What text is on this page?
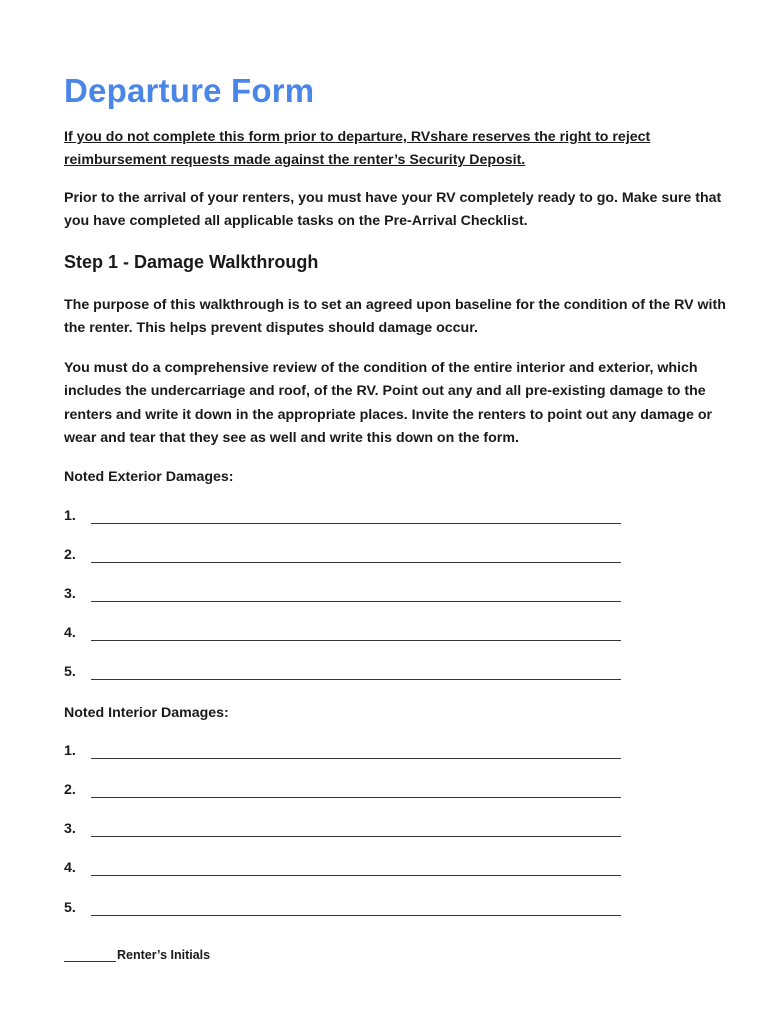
Departure Form

If you do not complete this form prior to departure, RVshare reserves the right to reject reimbursement requests made against the renter’s Security Deposit.

Prior to the arrival of your renters, you must have your RV completely ready to go. Make sure that you have completed all applicable tasks on the Pre-Arrival Checklist.

Step 1 - Damage Walkthrough

The purpose of this walkthrough is to set an agreed upon baseline for the condition of the RV with the renter. This helps prevent disputes should damage occur.

You must do a comprehensive review of the condition of the entire interior and exterior, which includes the undercarriage and roof, of the RV. Point out any and all pre-existing damage to the renters and write it down in the appropriate places. Invite the renters to point out any damage or wear and tear that they see as well and write this down on the form.

Noted Exterior Damages:
1.
2.
3.
4.
5.
Noted Interior Damages:
1.
2.
3.
4.
5.
Renter’s Initials
